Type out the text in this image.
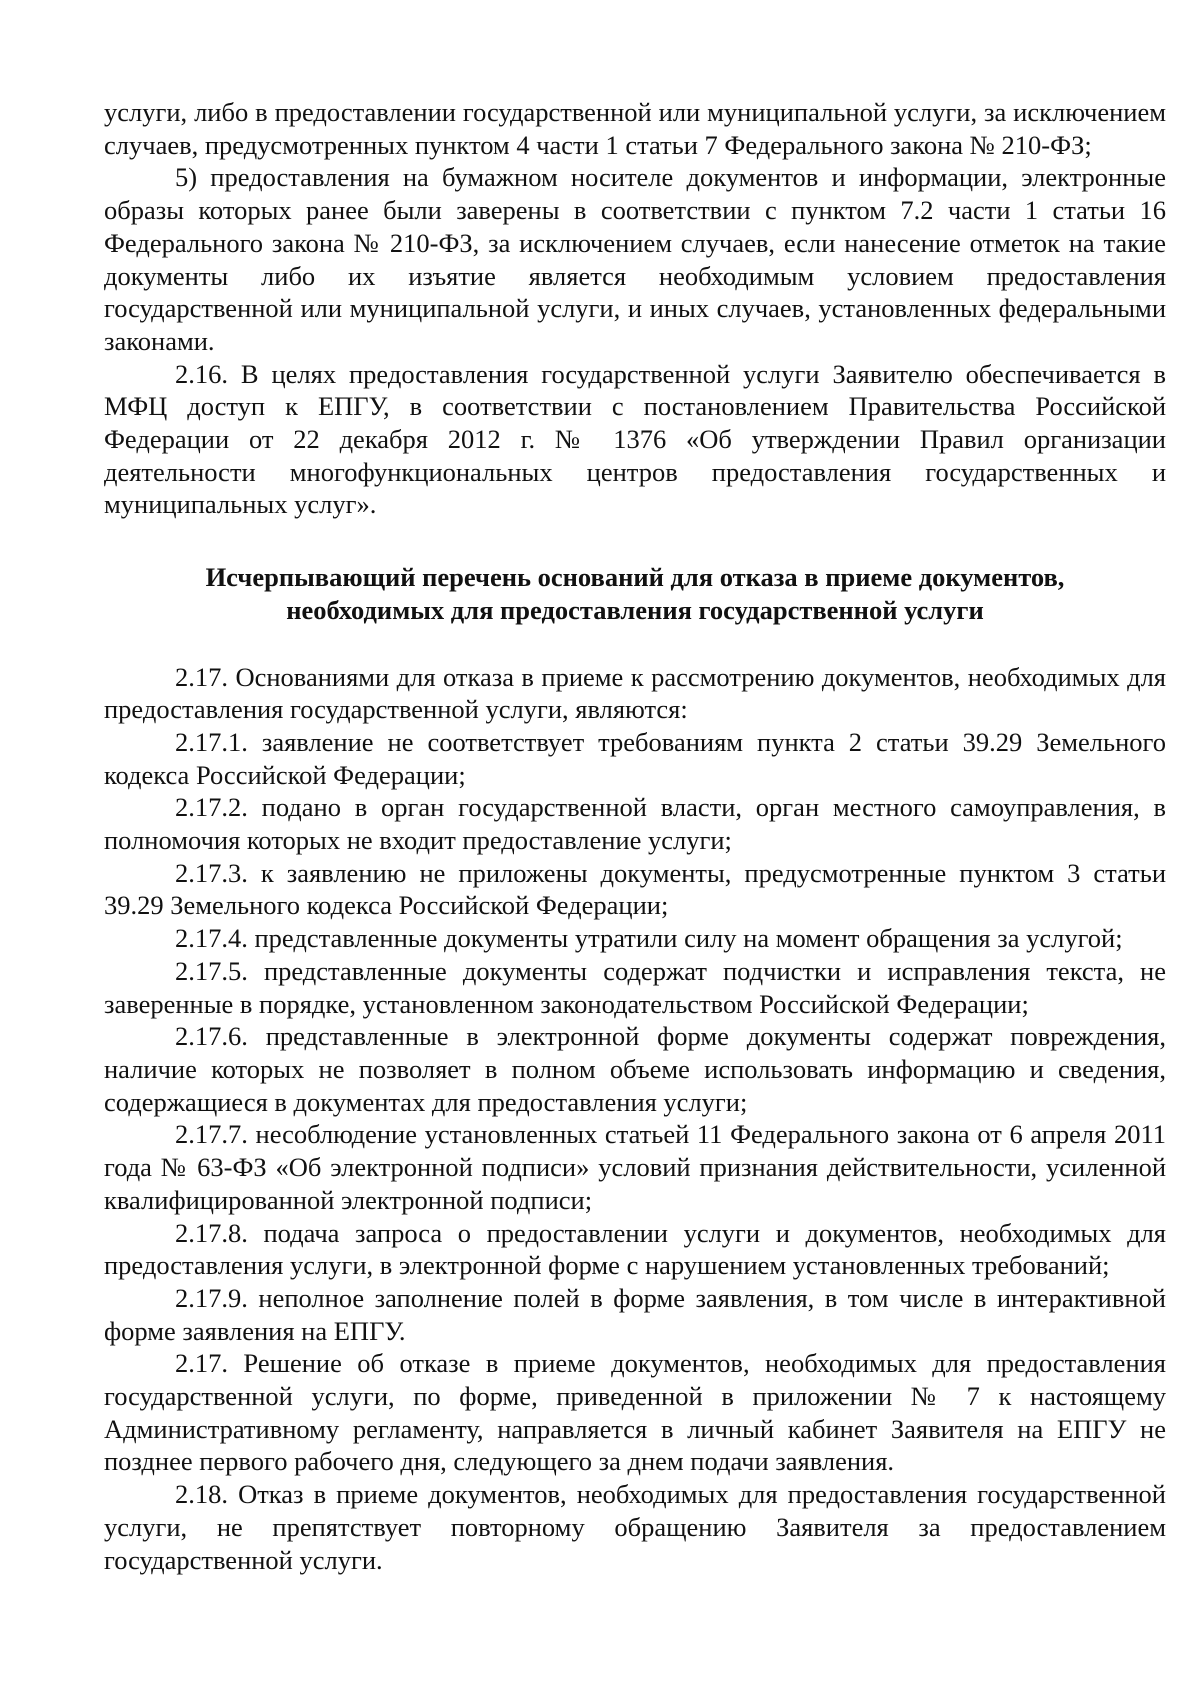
услуги, либо в предоставлении государственной или муниципальной услуги, за исключением случаев, предусмотренных пунктом 4 части 1 статьи 7 Федерального закона № 210-ФЗ;

5) предоставления на бумажном носителе документов и информации, электронные образы которых ранее были заверены в соответствии с пунктом 7.2 части 1 статьи 16 Федерального закона № 210-ФЗ, за исключением случаев, если нанесение отметок на такие документы либо их изъятие является необходимым условием предоставления государственной или муниципальной услуги, и иных случаев, установленных федеральными законами.

2.16. В целях предоставления государственной услуги Заявителю обеспечивается в МФЦ доступ к ЕПГУ, в соответствии с постановлением Правительства Российской Федерации от 22 декабря 2012 г. № 1376 «Об утверждении Правил организации деятельности многофункциональных центров предоставления государственных и муниципальных услуг».

Исчерпывающий перечень оснований для отказа в приеме документов,
необходимых для предоставления государственной услуги

2.17. Основаниями для отказа в приеме к рассмотрению документов, необходимых для предоставления государственной услуги, являются:

2.17.1. заявление не соответствует требованиям пункта 2 статьи 39.29 Земельного кодекса Российской Федерации;

2.17.2. подано в орган государственной власти, орган местного самоуправления, в полномочия которых не входит предоставление услуги;

2.17.3. к заявлению не приложены документы, предусмотренные пунктом 3 статьи 39.29 Земельного кодекса Российской Федерации;

2.17.4. представленные документы утратили силу на момент обращения за услугой;

2.17.5. представленные документы содержат подчистки и исправления текста, не заверенные в порядке, установленном законодательством Российской Федерации;

2.17.6. представленные в электронной форме документы содержат повреждения, наличие которых не позволяет в полном объеме использовать информацию и сведения, содержащиеся в документах для предоставления услуги;

2.17.7. несоблюдение установленных статьей 11 Федерального закона от 6 апреля 2011 года № 63-ФЗ «Об электронной подписи» условий признания действительности, усиленной квалифицированной электронной подписи;

2.17.8. подача запроса о предоставлении услуги и документов, необходимых для предоставления услуги, в электронной форме с нарушением установленных требований;

2.17.9. неполное заполнение полей в форме заявления, в том числе в интерактивной форме заявления на ЕПГУ.

2.17. Решение об отказе в приеме документов, необходимых для предоставления государственной услуги, по форме, приведенной в приложении № 7 к настоящему Административному регламенту, направляется в личный кабинет Заявителя на ЕПГУ не позднее первого рабочего дня, следующего за днем подачи заявления.

2.18. Отказ в приеме документов, необходимых для предоставления государственной услуги, не препятствует повторному обращению Заявителя за предоставлением государственной услуги.
